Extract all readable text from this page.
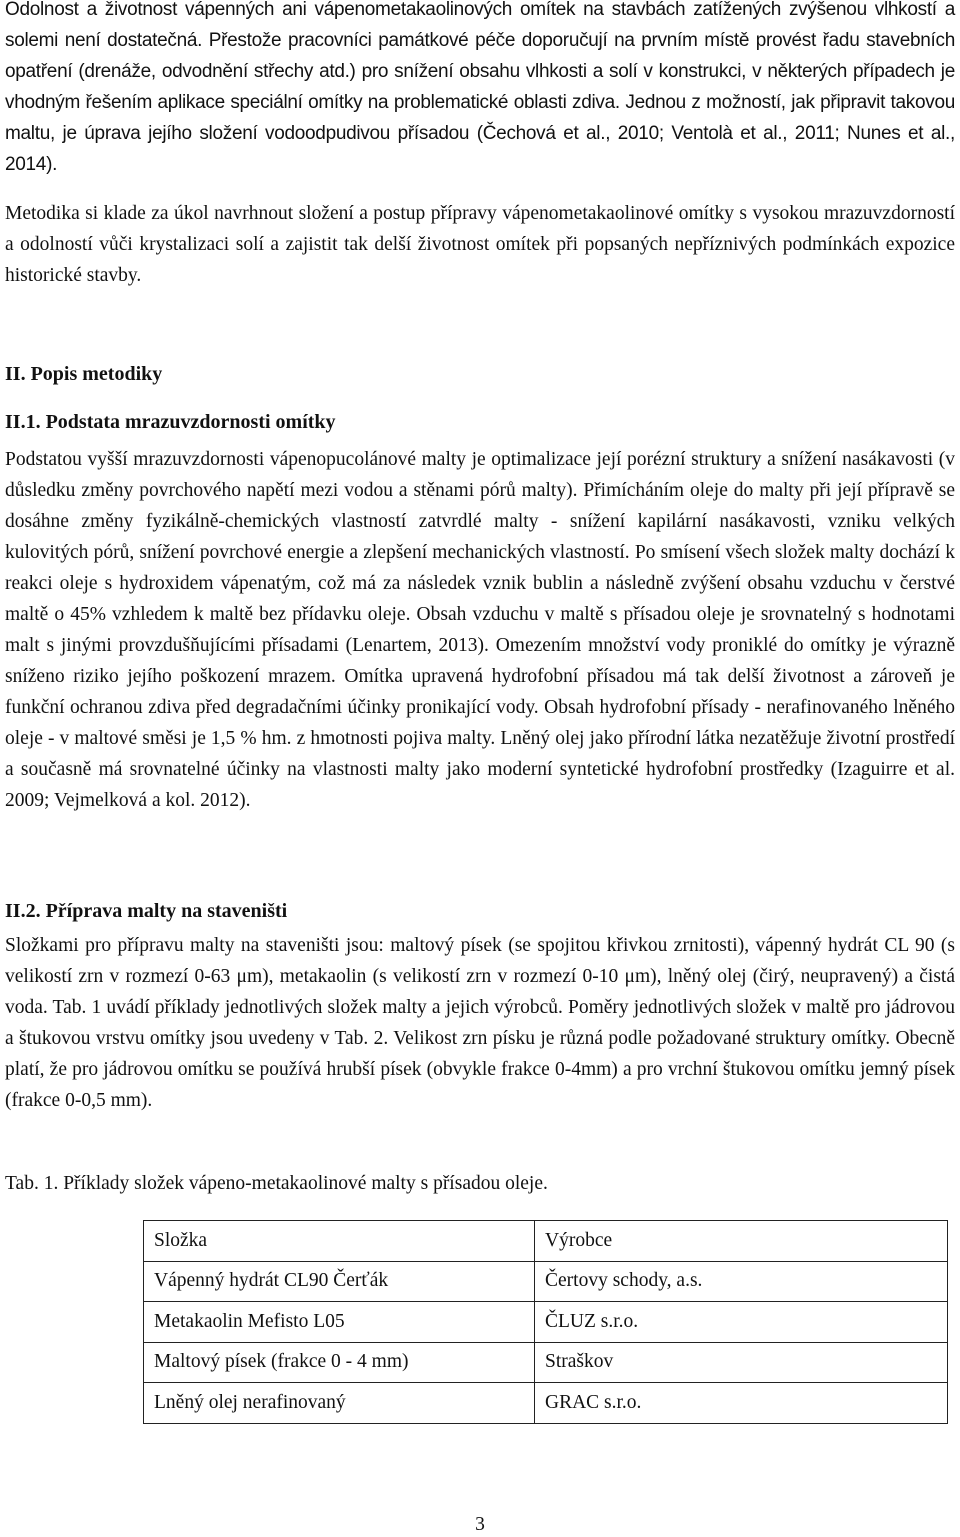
Odolnost a životnost vápenných ani vápenometakaolinových omítek na stavbách zatížených zvýšenou vlhkostí a solemi není dostatečná. Přestože pracovníci památkové péče doporučují na prvním místě provést řadu stavebních opatření (drenáže, odvodnění střechy atd.) pro snížení obsahu vlhkosti a solí v konstrukci, v některých případech je vhodným řešením aplikace speciální omítky na problematické oblasti zdiva. Jednou z možností, jak připravit takovou maltu, je úprava jejího složení vodoodpudivou přísadou (Čechová et al., 2010; Ventolà et al., 2011; Nunes et al., 2014).

Metodika si klade za úkol navrhnout složení a postup přípravy vápenometakaolinové omítky s vysokou mrazuvzdorností a odolností vůči krystalizaci solí a zajistit tak delší životnost omítek při popsaných nepříznivých podmínkách expozice historické stavby.

II. Popis metodiky
II.1. Podstata mrazuvzdornosti omítky

Podstatou vyšší mrazuvzdornosti vápenopucolánové malty je optimalizace její porézní struktury a snížení nasákavosti (v důsledku změny povrchového napětí mezi vodou a stěnami pórů malty). Přimícháním oleje do malty při její přípravě se dosáhne změny fyzikálně-chemických vlastností zatvrdlé malty - snížení kapilární nasákavosti, vzniku velkých kulovitých pórů, snížení povrchové energie a zlepšení mechanických vlastností. Po smísení všech složek malty dochází k reakci oleje s hydroxidem vápenatým, což má za následek vznik bublin a následně zvýšení obsahu vzduchu v čerstvé maltě o 45% vzhledem k maltě bez přídavku oleje. Obsah vzduchu v maltě s přísadou oleje je srovnatelný s hodnotami malt s jinými provzdušňujícími přísadami (Lenartem, 2013). Omezením množství vody proniklé do omítky je výrazně sníženo riziko jejího poškození mrazem. Omítka upravená hydrofobní přísadou má tak delší životnost a zároveň je funkční ochranou zdiva před degradačními účinky pronikající vody. Obsah hydrofobní přísady - nerafinovaného lněného oleje - v maltové směsi je 1,5 % hm. z hmotnosti pojiva malty. Lněný olej jako přírodní látka nezatěžuje životní prostředí a současně má srovnatelné účinky na vlastnosti malty jako moderní syntetické hydrofobní prostředky (Izaguirre et al. 2009; Vejmelková a kol. 2012).

II.2. Příprava malty na staveništi

Složkami pro přípravu malty na staveništi jsou: maltový písek (se spojitou křivkou zrnitosti), vápenný hydrát CL 90 (s velikostí zrn v rozmezí 0-63 μm), metakaolin (s velikostí zrn v rozmezí 0-10 μm), lněný olej (čirý, neupravený) a čistá voda. Tab. 1 uvádí příklady jednotlivých složek malty a jejich výrobců. Poměry jednotlivých složek v maltě pro jádrovou a štukovou vrstvu omítky jsou uvedeny v Tab. 2. Velikost zrn písku je různá podle požadované struktury omítky. Obecně platí, že pro jádrovou omítku se používá hrubší písek (obvykle frakce 0-4mm) a pro vrchní štukovou omítku jemný písek (frakce 0-0,5 mm).

Tab. 1. Příklady složek vápeno-metakaolinové malty s přísadou oleje.

Složka	Výrobce
Vápenný hydrát CL90 Čerťák	Čertovy schody, a.s.
Metakaolin Mefisto L05	ČLUZ s.r.o.
Maltový písek (frakce 0 - 4 mm)	Straškov
Lněný olej nerafinovaný	GRAC s.r.o.
3
